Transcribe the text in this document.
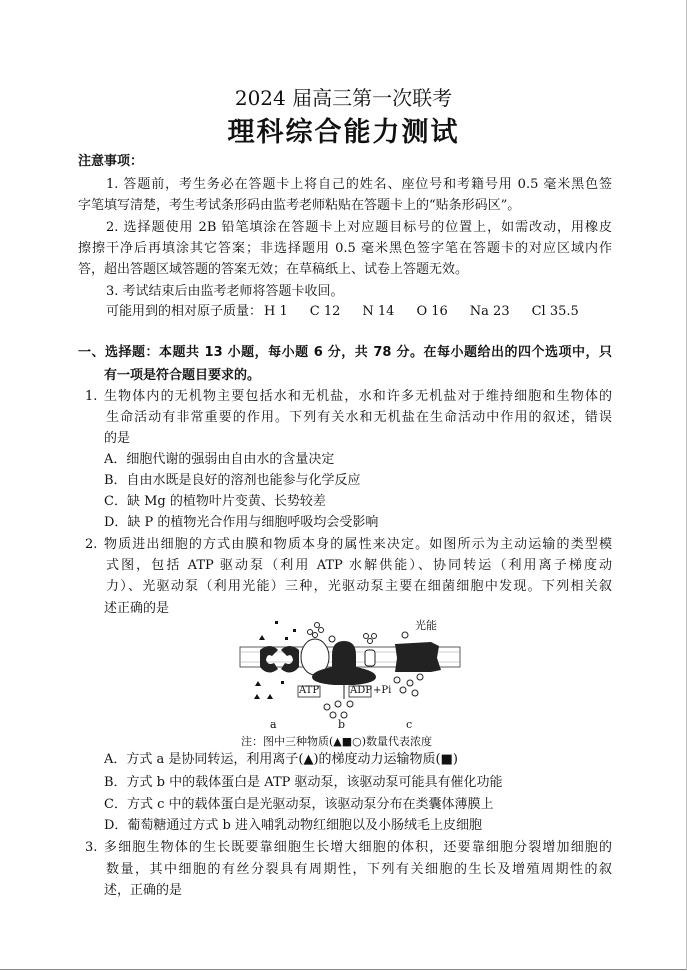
2024 届高三第一次联考
理科综合能力测试
注意事项：
1. 答题前，考生务必在答题卡上将自己的姓名、座位号和考籍号用 0.5 毫米黑色签
字笔填写清楚，考生考试条形码由监考老师粘贴在答题卡上的“贴条形码区”。
2. 选择题使用 2B 铅笔填涂在答题卡上对应题目标号的位置上，如需改动，用橡皮
擦擦干净后再填涂其它答案；非选择题用 0.5 毫米黑色签字笔在答题卡的对应区域内作
答，超出答题区域答题的答案无效；在草稿纸上、试卷上答题无效。
3. 考试结束后由监考老师将答题卡收回。
可能用到的相对原子质量： H 1 C 12 N 14 O 16 Na 23 Cl 35.5
一、选择题：本题共 13 小题，每小题 6 分，共 78 分。在每小题给出的四个选项中，只
有一项是符合题目要求的。
1. 生物体内的无机物主要包括水和无机盐，水和许多无机盐对于维持细胞和生物体的
生命活动有非常重要的作用。下列有关水和无机盐在生命活动中作用的叙述，错误
的是
A．细胞代谢的强弱由自由水的含量决定
B．自由水既是良好的溶剂也能参与化学反应
C．缺 Mg 的植物叶片变黄、长势较差
D．缺 P 的植物光合作用与细胞呼吸均会受影响
2. 物质进出细胞的方式由膜和物质本身的属性来决定。如图所示为主动运输的类型模
式图，包括 ATP 驱动泵（利用 ATP 水解供能）、协同转运（利用离子梯度动
力）、光驱动泵（利用光能）三种，光驱动泵主要在细菌细胞中发现。下列相关叙
述正确的是
光能
ATP	ADP +Pi
a	b	c
注：图中三种物质(▲■○)数量代表浓度
A．方式 a 是协同转运，利用离子(▲)的梯度动力运输物质(■)
B．方式 b 中的载体蛋白是 ATP 驱动泵，该驱动泵可能具有催化功能
C．方式 c 中的载体蛋白是光驱动泵，该驱动泵分布在类囊体薄膜上
D．葡萄糖通过方式 b 进入哺乳动物红细胞以及小肠绒毛上皮细胞
3. 多细胞生物体的生长既要靠细胞生长增大细胞的体积，还要靠细胞分裂增加细胞的
数量，其中细胞的有丝分裂具有周期性，下列有关细胞的生长及增殖周期性的叙
述，正确的是
